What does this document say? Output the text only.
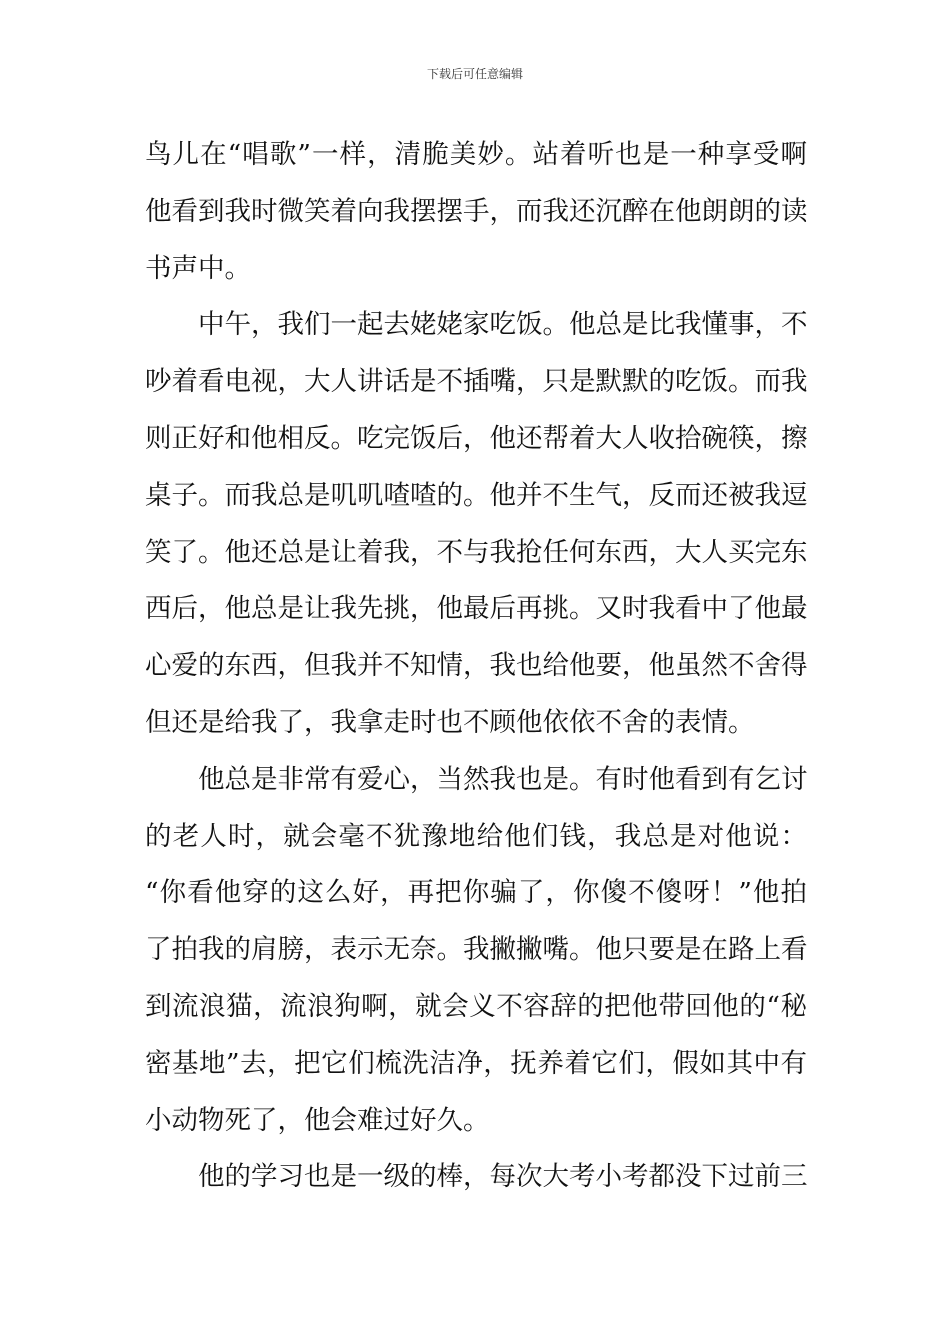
下载后可任意编辑
鸟儿在“唱歌”一样，清脆美妙。站着听也是一种享受啊
他看到我时微笑着向我摆摆手，而我还沉醉在他朗朗的读
书声中。
　　中午，我们一起去姥姥家吃饭。他总是比我懂事，不
吵着看电视，大人讲话是不插嘴，只是默默的吃饭。而我
则正好和他相反。吃完饭后，他还帮着大人收拾碗筷，擦
桌子。而我总是叽叽喳喳的。他并不生气，反而还被我逗
笑了。他还总是让着我，不与我抢任何东西，大人买完东
西后，他总是让我先挑，他最后再挑。又时我看中了他最
心爱的东西，但我并不知情，我也给他要，他虽然不舍得
但还是给我了，我拿走时也不顾他依依不舍的表情。
　　他总是非常有爱心，当然我也是。有时他看到有乞讨
的老人时，就会毫不犹豫地给他们钱，我总是对他说：
“你看他穿的这么好，再把你骗了，你傻不傻呀！”他拍
了拍我的肩膀，表示无奈。我撇撇嘴。他只要是在路上看
到流浪猫，流浪狗啊，就会义不容辞的把他带回他的“秘
密基地”去，把它们梳洗洁净，抚养着它们，假如其中有
小动物死了，他会难过好久。
　　他的学习也是一级的棒，每次大考小考都没下过前三
